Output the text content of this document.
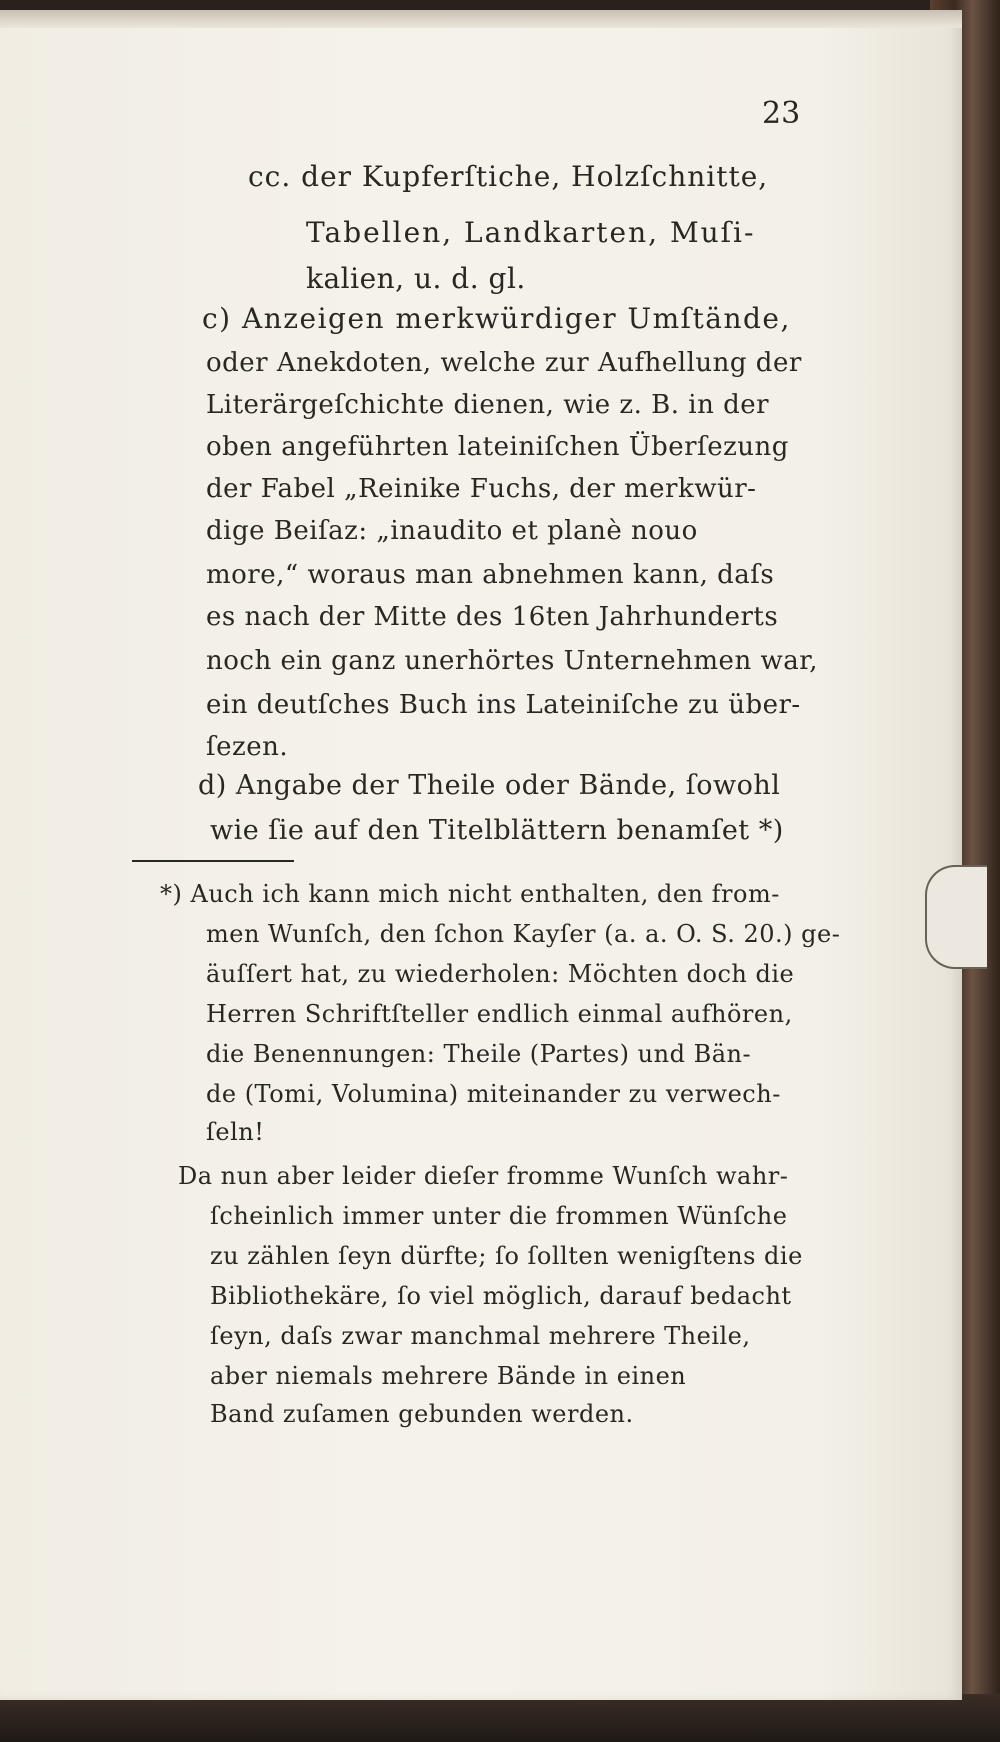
23
cc. der Kupferſtiche, Holzſchnitte,
Tabellen, Landkarten, Muſi-
kalien, u. d. gl.
c) Anzeigen merkwürdiger Umſtände,
oder Anekdoten, welche zur Aufhellung der
Literärgeſchichte dienen, wie z. B. in der
oben angeführten lateiniſchen Überſezung
der Fabel „Reinike Fuchs, der merkwür-
dige Beiſaz: „inaudito et planè nouo
more,“ woraus man abnehmen kann, daſs
es nach der Mitte des 16ten Jahrhunderts
noch ein ganz unerhörtes Unternehmen war,
ein deutſches Buch ins Lateiniſche zu über-
ſezen.
d) Angabe der Theile oder Bände, ſowohl
wie ſie auf den Titelblättern benamſet *)
*) Auch ich kann mich nicht enthalten, den from-
men Wunſch, den ſchon Kayſer (a. a. O. S. 20.) ge-
äuſſert hat, zu wiederholen: Möchten doch die
Herren Schriftſteller endlich einmal aufhören,
die Benennungen: Theile (Partes) und Bän-
de (Tomi, Volumina) miteinander zu verwech-
ſeln!
Da nun aber leider dieſer fromme Wunſch wahr-
ſcheinlich immer unter die frommen Wünſche
zu zählen ſeyn dürfte; ſo ſollten wenigſtens die
Bibliothekäre, ſo viel möglich, darauf bedacht
ſeyn, daſs zwar manchmal mehrere Theile,
aber niemals mehrere Bände in einen
Band zuſamen gebunden werden.
